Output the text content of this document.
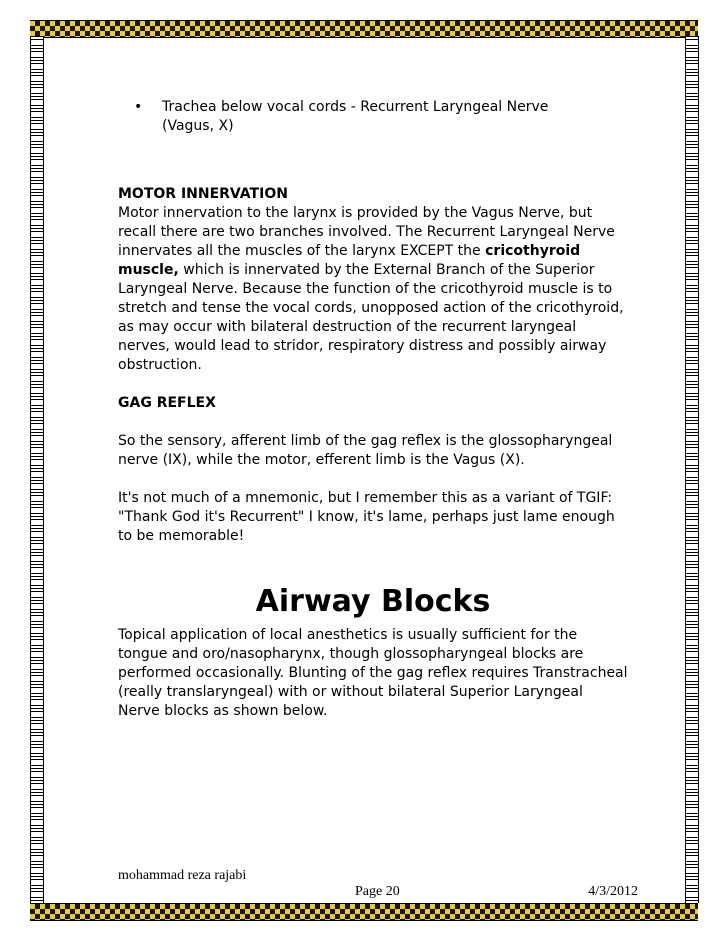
•	Trachea below vocal cords - Recurrent Laryngeal Nerve
(Vagus, X)
MOTOR INNERVATION

Motor innervation to the larynx is provided by the Vagus Nerve, but recall there are two branches involved. The Recurrent Laryngeal Nerve innervates all the muscles of the larynx EXCEPT the cricothyroid muscle, which is innervated by the External Branch of the Superior Laryngeal Nerve. Because the function of the cricothyroid muscle is to stretch and tense the vocal cords, unopposed action of the cricothyroid, as may occur with bilateral destruction of the recurrent laryngeal nerves, would lead to stridor, respiratory distress and possibly airway obstruction.

GAG REFLEX

So the sensory, afferent limb of the gag reflex is the glossopharyngeal nerve (IX), while the motor, efferent limb is the Vagus (X).

It's not much of a mnemonic, but I remember this as a variant of TGIF: "Thank God it's Recurrent" I know, it's lame, perhaps just lame enough to be memorable!

Airway Blocks

Topical application of local anesthetics is usually sufficient for the tongue and oro/nasopharynx, though glossopharyngeal blocks are performed occasionally. Blunting of the gag reflex requires Transtracheal (really translaryngeal) with or without bilateral Superior Laryngeal Nerve blocks as shown below.

mohammad reza rajabi
Page 20	4/3/2012
